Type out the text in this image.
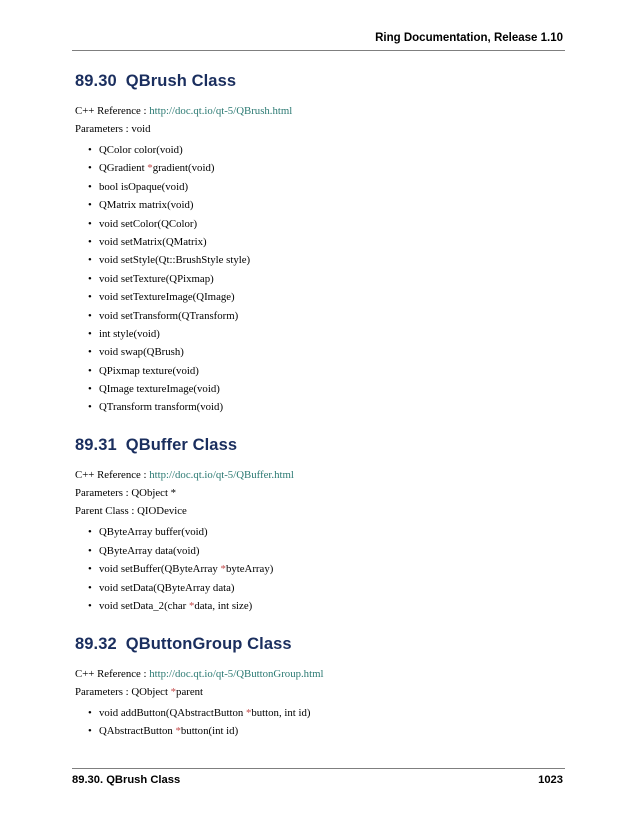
Ring Documentation, Release 1.10
89.30 QBrush Class

C++ Reference : http://doc.qt.io/qt-5/QBrush.html

Parameters : void

• QColor color(void)
• QGradient *gradient(void)
• bool isOpaque(void)
• QMatrix matrix(void)
• void setColor(QColor)
• void setMatrix(QMatrix)
• void setStyle(Qt::BrushStyle style)
• void setTexture(QPixmap)
• void setTextureImage(QImage)
• void setTransform(QTransform)
• int style(void)
• void swap(QBrush)
• QPixmap texture(void)
• QImage textureImage(void)
• QTransform transform(void)
89.31 QBuffer Class

C++ Reference : http://doc.qt.io/qt-5/QBuffer.html

Parameters : QObject *

Parent Class : QIODevice

• QByteArray buffer(void)
• QByteArray data(void)
• void setBuffer(QByteArray *byteArray)
• void setData(QByteArray data)
• void setData_2(char *data, int size)
89.32 QButtonGroup Class

C++ Reference : http://doc.qt.io/qt-5/QButtonGroup.html

Parameters : QObject *parent

• void addButton(QAbstractButton *button, int id)
• QAbstractButton *button(int id)
89.30. QBrush Class	1023
